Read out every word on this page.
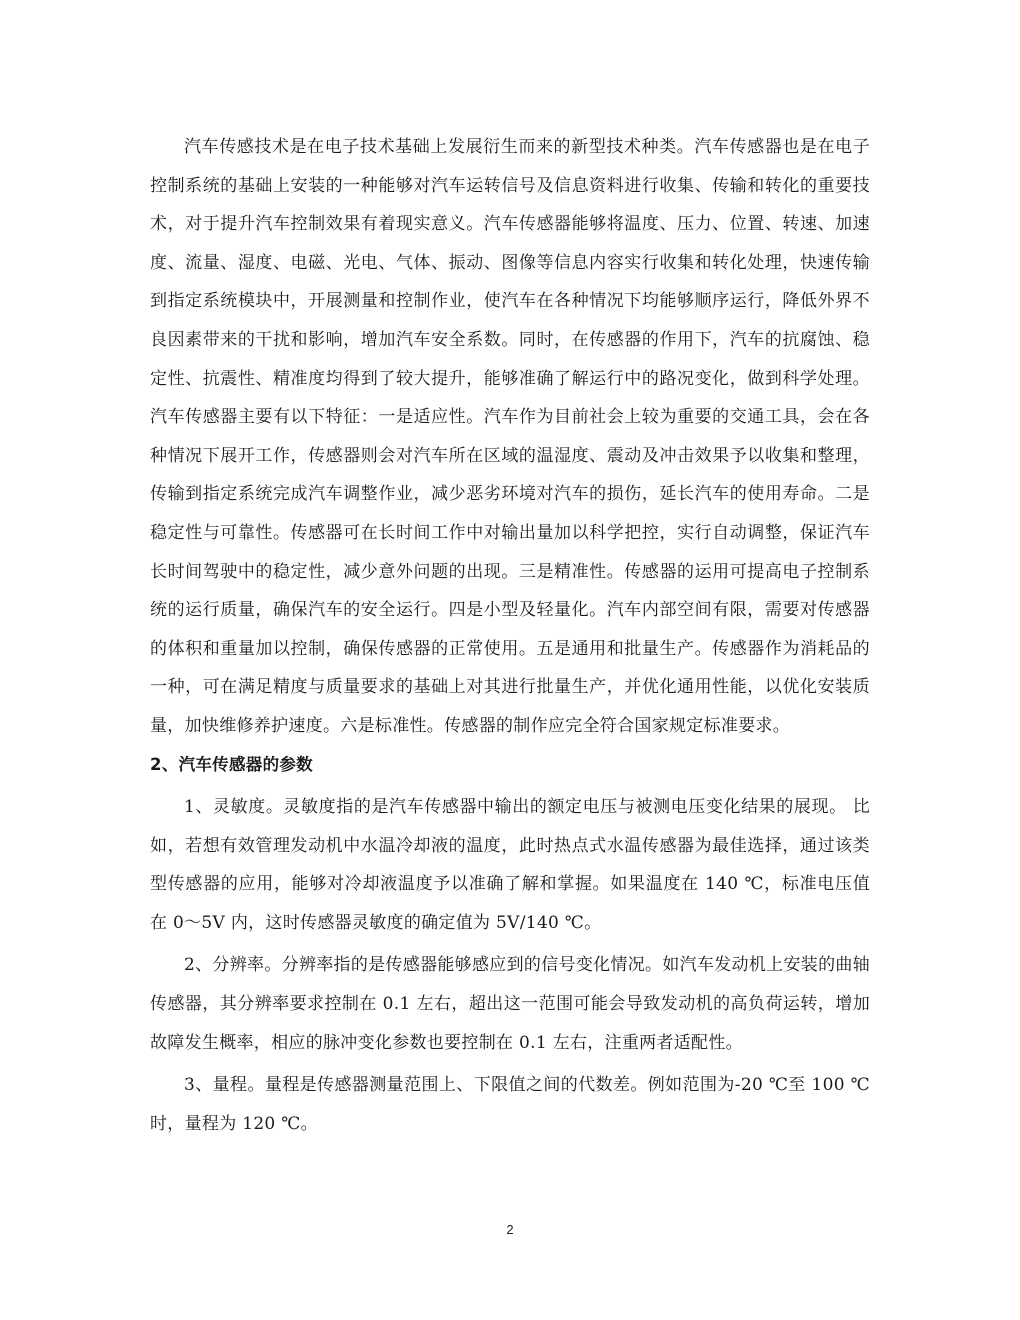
汽车传感技术是在电子技术基础上发展衍生而来的新型技术种类。汽车传感器也是在电子控制系统的基础上安装的一种能够对汽车运转信号及信息资料进行收集、传输和转化的重要技术，对于提升汽车控制效果有着现实意义。汽车传感器能够将温度、压力、位置、转速、加速度、流量、湿度、电磁、光电、气体、振动、图像等信息内容实行收集和转化处理，快速传输到指定系统模块中，开展测量和控制作业，使汽车在各种情况下均能够顺序运行，降低外界不良因素带来的干扰和影响，增加汽车安全系数。同时，在传感器的作用下，汽车的抗腐蚀、稳定性、抗震性、精准度均得到了较大提升，能够准确了解运行中的路况变化，做到科学处理。汽车传感器主要有以下特征：一是适应性。汽车作为目前社会上较为重要的交通工具，会在各种情况下展开工作，传感器则会对汽车所在区域的温湿度、震动及冲击效果予以收集和整理，传输到指定系统完成汽车调整作业，减少恶劣环境对汽车的损伤，延长汽车的使用寿命。二是稳定性与可靠性。传感器可在长时间工作中对输出量加以科学把控，实行自动调整，保证汽车长时间驾驶中的稳定性，减少意外问题的出现。三是精准性。传感器的运用可提高电子控制系统的运行质量，确保汽车的安全运行。四是小型及轻量化。汽车内部空间有限，需要对传感器的体积和重量加以控制，确保传感器的正常使用。五是通用和批量生产。传感器作为消耗品的一种，可在满足精度与质量要求的基础上对其进行批量生产，并优化通用性能，以优化安装质量，加快维修养护速度。六是标准性。传感器的制作应完全符合国家规定标准要求。

2、汽车传感器的参数

1、灵敏度。灵敏度指的是汽车传感器中输出的额定电压与被测电压变化结果的展现。 比如，若想有效管理发动机中水温冷却液的温度，此时热点式水温传感器为最佳选择，通过该类型传感器的应用，能够对冷却液温度予以准确了解和掌握。如果温度在 140 ℃，标准电压值在 0～5V 内，这时传感器灵敏度的确定值为 5V/140 ℃。

2、分辨率。分辨率指的是传感器能够感应到的信号变化情况。如汽车发动机上安装的曲轴传感器，其分辨率要求控制在 0.1 左右，超出这一范围可能会导致发动机的高负荷运转，增加故障发生概率，相应的脉冲变化参数也要控制在 0.1 左右，注重两者适配性。

3、量程。量程是传感器测量范围上、下限值之间的代数差。例如范围为-20 ℃至 100 ℃时，量程为 120 ℃。

2
